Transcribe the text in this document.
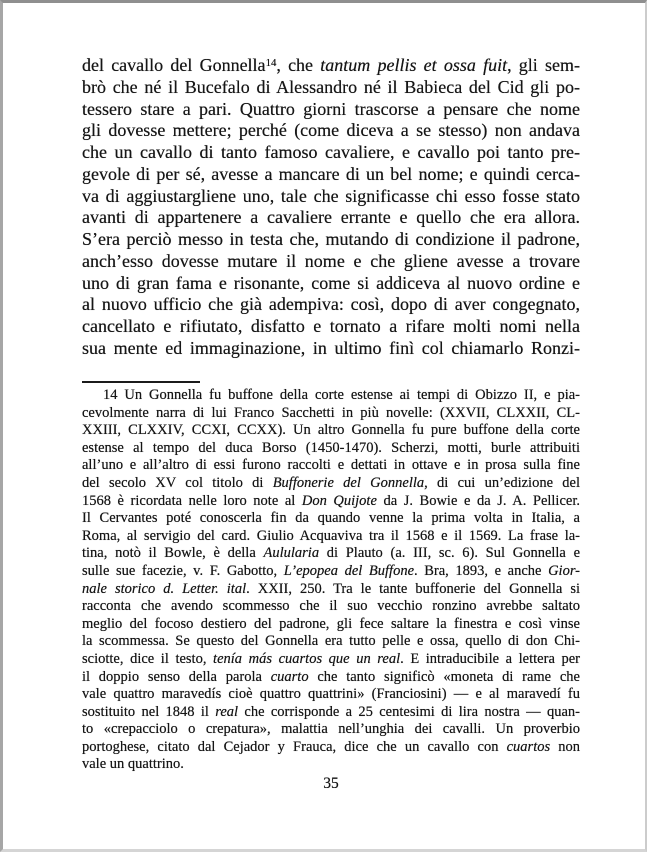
del cavallo del Gonnella$^{14}$, che tantum pellis et ossa fuit, gli sem-
brò che né il Bucefalo di Alessandro né il Babieca del Cid gli po-
tessero stare a pari. Quattro giorni trascorse a pensare che nome
gli dovesse mettere; perché (come diceva a se stesso) non andava
che un cavallo di tanto famoso cavaliere, e cavallo poi tanto pre-
gevole di per sé, avesse a mancare di un bel nome; e quindi cerca-
va di aggiustargliene uno, tale che significasse chi esso fosse stato
avanti di appartenere a cavaliere errante e quello che era allora.
S’era perciò messo in testa che, mutando di condizione il padrone,
anch’esso dovesse mutare il nome e che gliene avesse a trovare
uno di gran fama e risonante, come si addiceva al nuovo ordine e
al nuovo ufficio che già adempiva: così, dopo di aver congegnato,
cancellato e rifiutato, disfatto e tornato a rifare molti nomi nella
sua mente ed immaginazione, in ultimo finì col chiamarlo Ronzi-
14 Un Gonnella fu buffone della corte estense ai tempi di Obizzo II, e pia-
cevolmente narra di lui Franco Sacchetti in più novelle: (XXVII, CLXXII, CL-
XXIII, CLXXIV, CCXI, CCXX). Un altro Gonnella fu pure buffone della corte
estense al tempo del duca Borso (1450-1470). Scherzi, motti, burle attribuiti
all’uno e all’altro di essi furono raccolti e dettati in ottave e in prosa sulla fine
del secolo XV col titolo di Buffonerie del Gonnella, di cui un’edizione del
1568 è ricordata nelle loro note al Don Quijote da J. Bowie e da J. A. Pellicer.
Il Cervantes poté conoscerla fin da quando venne la prima volta in Italia, a
Roma, al servigio del card. Giulio Acquaviva tra il 1568 e il 1569. La frase la-
tina, notò il Bowle, è della Aulularia di Plauto (a. III, sc. 6). Sul Gonnella e
sulle sue facezie, v. F. Gabotto, L’epopea del Buffone. Bra, 1893, e anche Gior-
nale storico d. Letter. ital. XXII, 250. Tra le tante buffonerie del Gonnella si
racconta che avendo scommesso che il suo vecchio ronzino avrebbe saltato
meglio del focoso destiero del padrone, gli fece saltare la finestra e così vinse
la scommessa. Se questo del Gonnella era tutto pelle e ossa, quello di don Chi-
sciotte, dice il testo, tenía más cuartos que un real. E intraducibile a lettera per
il doppio senso della parola cuarto che tanto significò «moneta di rame che
vale quattro maravedís cioè quattro quattrini» (Franciosini) — e al maravedí fu
sostituito nel 1848 il real che corrisponde a 25 centesimi di lira nostra — quan-
to «crepacciolo o crepatura», malattia nell’unghia dei cavalli. Un proverbio
portoghese, citato dal Cejador y Frauca, dice che un cavallo con cuartos non
vale un quattrino.
35
